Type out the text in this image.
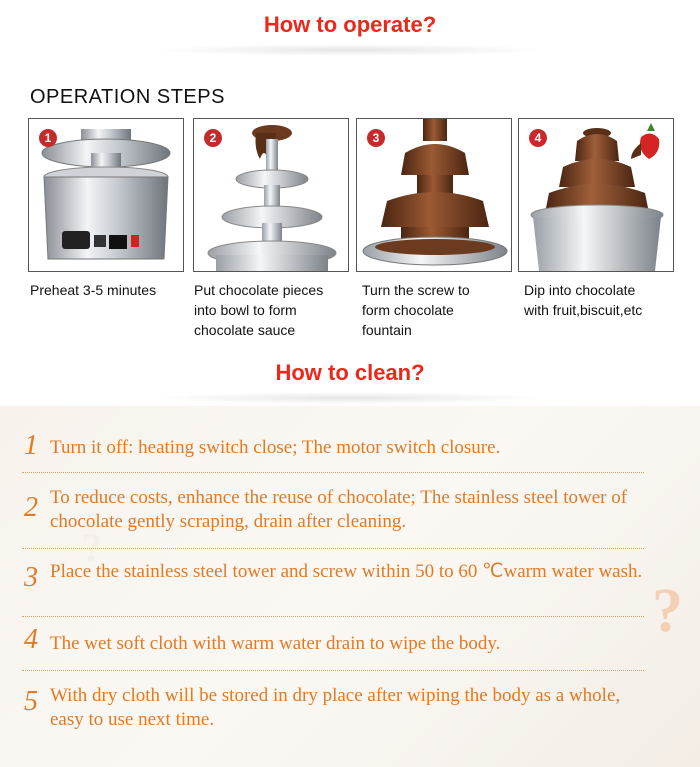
How to operate?
OPERATION STEPS
1	2	3	4
Preheat 3-5 minutes	Put chocolate pieces
into bowl to form
chocolate sauce
Turn the screw to
form chocolate
fountain
Dip into chocolate
with fruit,biscuit,etc
How to clean?
?
?
1 Turn it off: heating switch close; The motor switch closure.
2 To reduce costs, enhance the reuse of chocolate; The stainless steel tower of chocolate gently scraping, drain after cleaning.
3 Place the stainless steel tower and screw within 50 to 60 ℃warm water wash.
4 The wet soft cloth with warm water drain to wipe the body.
5 With dry cloth will be stored in dry place after wiping the body as a whole, easy to use next time.
